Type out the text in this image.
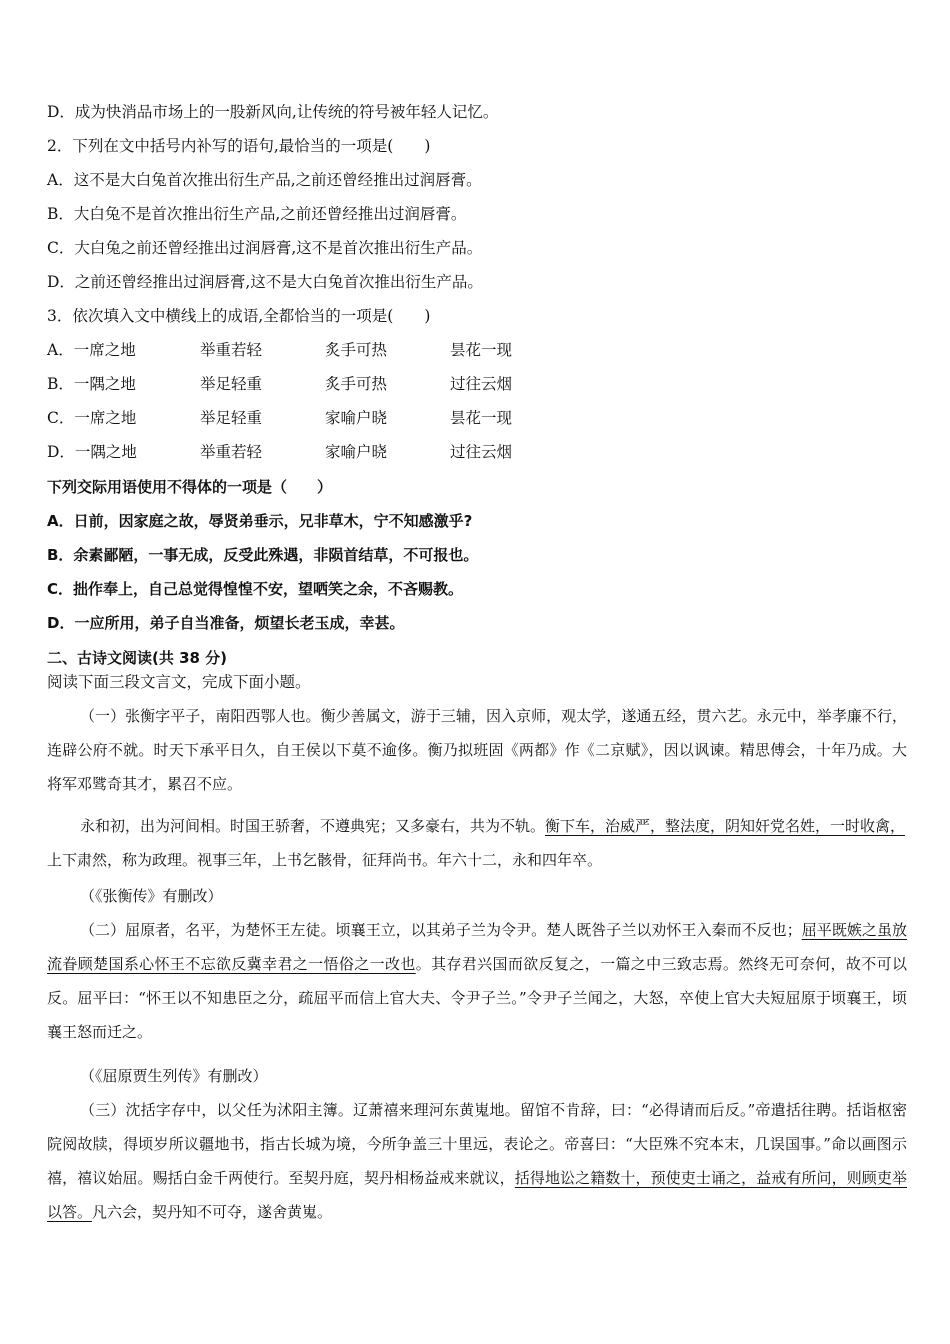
D．成为快消品市场上的一股新风向,让传统的符号被年轻人记忆。
2．下列在文中括号内补写的语句,最恰当的一项是(　　)
A．这不是大白兔首次推出衍生产品,之前还曾经推出过润唇膏。
B．大白兔不是首次推出衍生产品,之前还曾经推出过润唇膏。
C．大白兔之前还曾经推出过润唇膏,这不是首次推出衍生产品。
D．之前还曾经推出过润唇膏,这不是大白兔首次推出衍生产品。
3．依次填入文中横线上的成语,全都恰当的一项是(　　)
A．一席之地	举重若轻	炙手可热	昙花一现
B．一隅之地	举足轻重	炙手可热	过往云烟
C．一席之地	举足轻重	家喻户晓	昙花一现
D．一隅之地	举重若轻	家喻户晓	过往云烟
下列交际用语使用不得体的一项是（　　）
A．日前，因家庭之故，辱贤弟垂示，兄非草木，宁不知感激乎?
B．余素鄙陋，一事无成，反受此殊遇，非陨首结草，不可报也。
C．拙作奉上，自己总觉得惶惶不安，望哂笑之余，不吝赐教。
D．一应所用，弟子自当准备，烦望长老玉成，幸甚。
二、古诗文阅读(共 38 分)
阅读下面三段文言文，完成下面小题。
（一）张衡字平子，南阳西鄂人也。衡少善属文，游于三辅，因入京师，观太学，遂通五经，贯六艺。永元中，举孝廉不行，连辟公府不就。时天下承平日久，自王侯以下莫不逾侈。衡乃拟班固《两都》作《二京赋》，因以讽谏。精思傅会，十年乃成。大将军邓骘奇其才，累召不应。
永和初，出为河间相。时国王骄奢，不遵典宪；又多豪右，共为不轨。衡下车，治威严，整法度，阴知奸党名姓，一时收禽，上下肃然，称为政理。视事三年，上书乞骸骨，征拜尚书。年六十二，永和四年卒。
（《张衡传》有删改）
（二）屈原者，名平，为楚怀王左徒。顷襄王立，以其弟子兰为令尹。楚人既咎子兰以劝怀王入秦而不反也；屈平既嫉之虽放流眷顾楚国系心怀王不忘欲反冀幸君之一悟俗之一改也。其存君兴国而欲反复之，一篇之中三致志焉。然终无可奈何，故不可以反。屈平曰：“怀王以不知患臣之分，疏屈平而信上官大夫、令尹子兰。”令尹子兰闻之，大怒，卒使上官大夫短屈原于顷襄王，顷襄王怒而迁之。
（《屈原贾生列传》有删改）
（三）沈括字存中，以父任为沭阳主簿。辽萧禧来理河东黄嵬地。留馆不肯辞，曰：“必得请而后反。”帝遣括往聘。括诣枢密院阅故牍，得顷岁所议疆地书，指古长城为境，今所争盖三十里远，表论之。帝喜曰：“大臣殊不究本末，几误国事。”命以画图示禧，禧议始屈。赐括白金千两使行。至契丹庭，契丹相杨益戒来就议，括得地讼之籍数十，预使吏士诵之，益戒有所问，则顾吏举以答。凡六会，契丹知不可夺，遂舍黄嵬。
